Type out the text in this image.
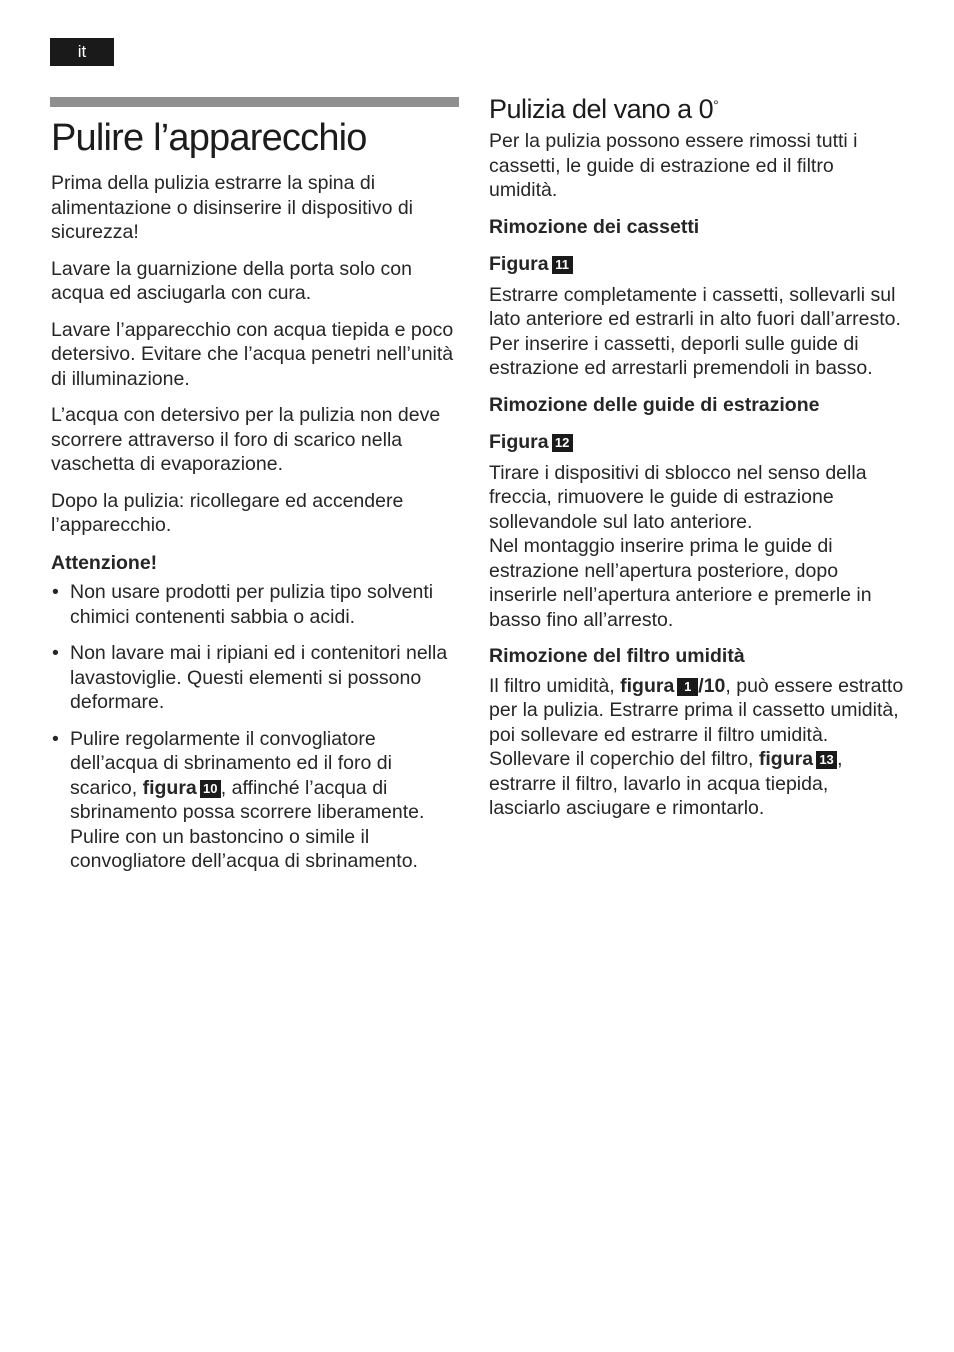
it
Pulire l’apparecchio

Prima della pulizia estrarre la spina di alimentazione o disinserire il dispositivo di sicurezza!

Lavare la guarnizione della porta solo con acqua ed asciugarla con cura.

Lavare l’apparecchio con acqua tiepida e poco detersivo. Evitare che l’acqua penetri nell’unità di illuminazione.

L’acqua con detersivo per la pulizia non deve scorrere attraverso il foro di scarico nella vaschetta di evaporazione.

Dopo la pulizia: ricollegare ed accendere l’apparecchio.

Attenzione!
• Non usare prodotti per pulizia tipo solventi chimici contenenti sabbia o acidi.
• Non lavare mai i ripiani ed i contenitori nella lavastoviglie. Questi elementi si possono deformare.
• Pulire regolarmente il convogliatore dell’acqua di sbrinamento ed il foro di scarico, figura 10 , affinché l’acqua di sbrinamento possa scorrere liberamente. Pulire con un bastoncino o simile il convogliatore dell’acqua di sbrinamento.
Pulizia del vano a 0°

Per la pulizia possono essere rimossi tutti i cassetti, le guide di estrazione ed il filtro umidità.

Rimozione dei cassetti
Figura 11

Estrarre completamente i cassetti, sollevarli sul lato anteriore ed estrarli in alto fuori dall’arresto.

Per inserire i cassetti, deporli sulle guide di estrazione ed arrestarli premendoli in basso.

Rimozione delle guide di estrazione
Figura 12

Tirare i dispositivi di sblocco nel senso della freccia, rimuovere le guide di estrazione sollevandole sul lato anteriore.

Nel montaggio inserire prima le guide di estrazione nell’apertura posteriore, dopo inserirle nell’apertura anteriore e premerle in basso fino all’arresto.

Rimozione del filtro umidità

Il filtro umidità, figura 1 /10, può essere estratto per la pulizia. Estrarre prima il cassetto umidità, poi sollevare ed estrarre il filtro umidità.

Sollevare il coperchio del filtro, figura 13 , estrarre il filtro, lavarlo in acqua tiepida, lasciarlo asciugare e rimontarlo.
